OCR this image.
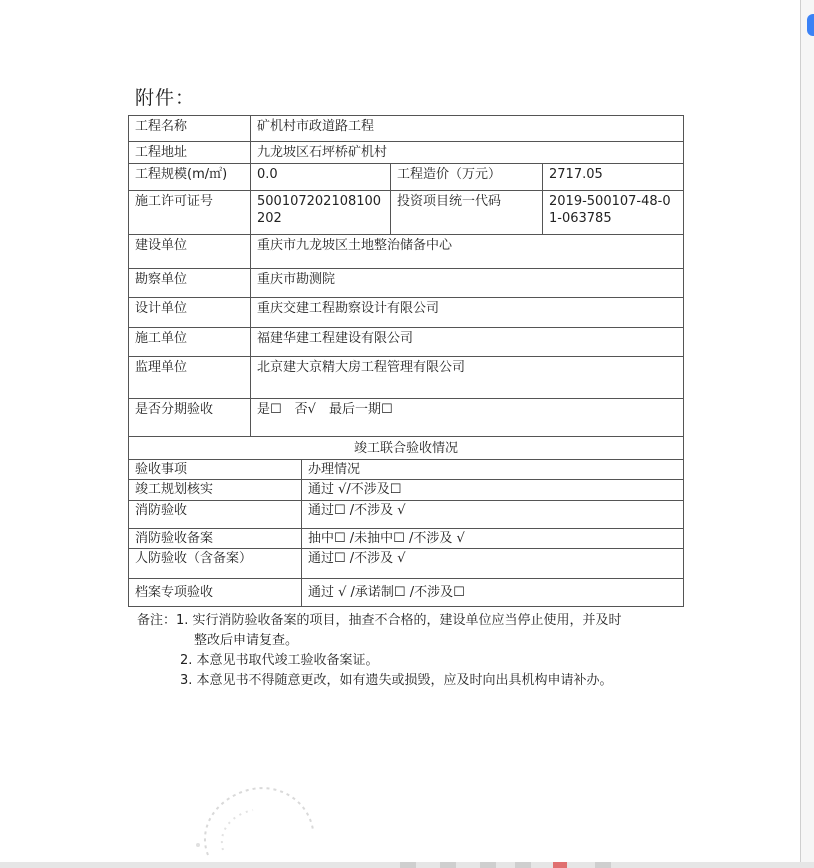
附件：
工程名称	矿机村市政道路工程		
工程地址	九龙坡区石坪桥矿机村		
工程规模(m/㎡)	0.0	工程造价（万元）	2717.05
施工许可证号	500107202108100202	投资项目统一代码	2019-500107-48-01-063785
建设单位	重庆市九龙坡区土地整治储备中心		
勘察单位	重庆市勘测院		
设计单位	重庆交建工程勘察设计有限公司		
施工单位	福建华建工程建设有限公司		
监理单位	北京建大京精大房工程管理有限公司		
是否分期验收	是☐　否√　最后一期☐		
竣工联合验收情况			
验收事项	办理情况
竣工规划核实	通过 √/不涉及☐
消防验收	通过☐ /不涉及 √
消防验收备案	抽中☐ /未抽中☐ /不涉及 √
人防验收（含备案）	通过☐ /不涉及 √
档案专项验收	通过 √ /承诺制☐ /不涉及☐
备注：1. 实行消防验收备案的项目，抽查不合格的，建设单位应当停止使用，并及时
整改后申请复查。
2. 本意见书取代竣工验收备案证。
3. 本意见书不得随意更改，如有遗失或损毁，应及时向出具机构申请补办。
